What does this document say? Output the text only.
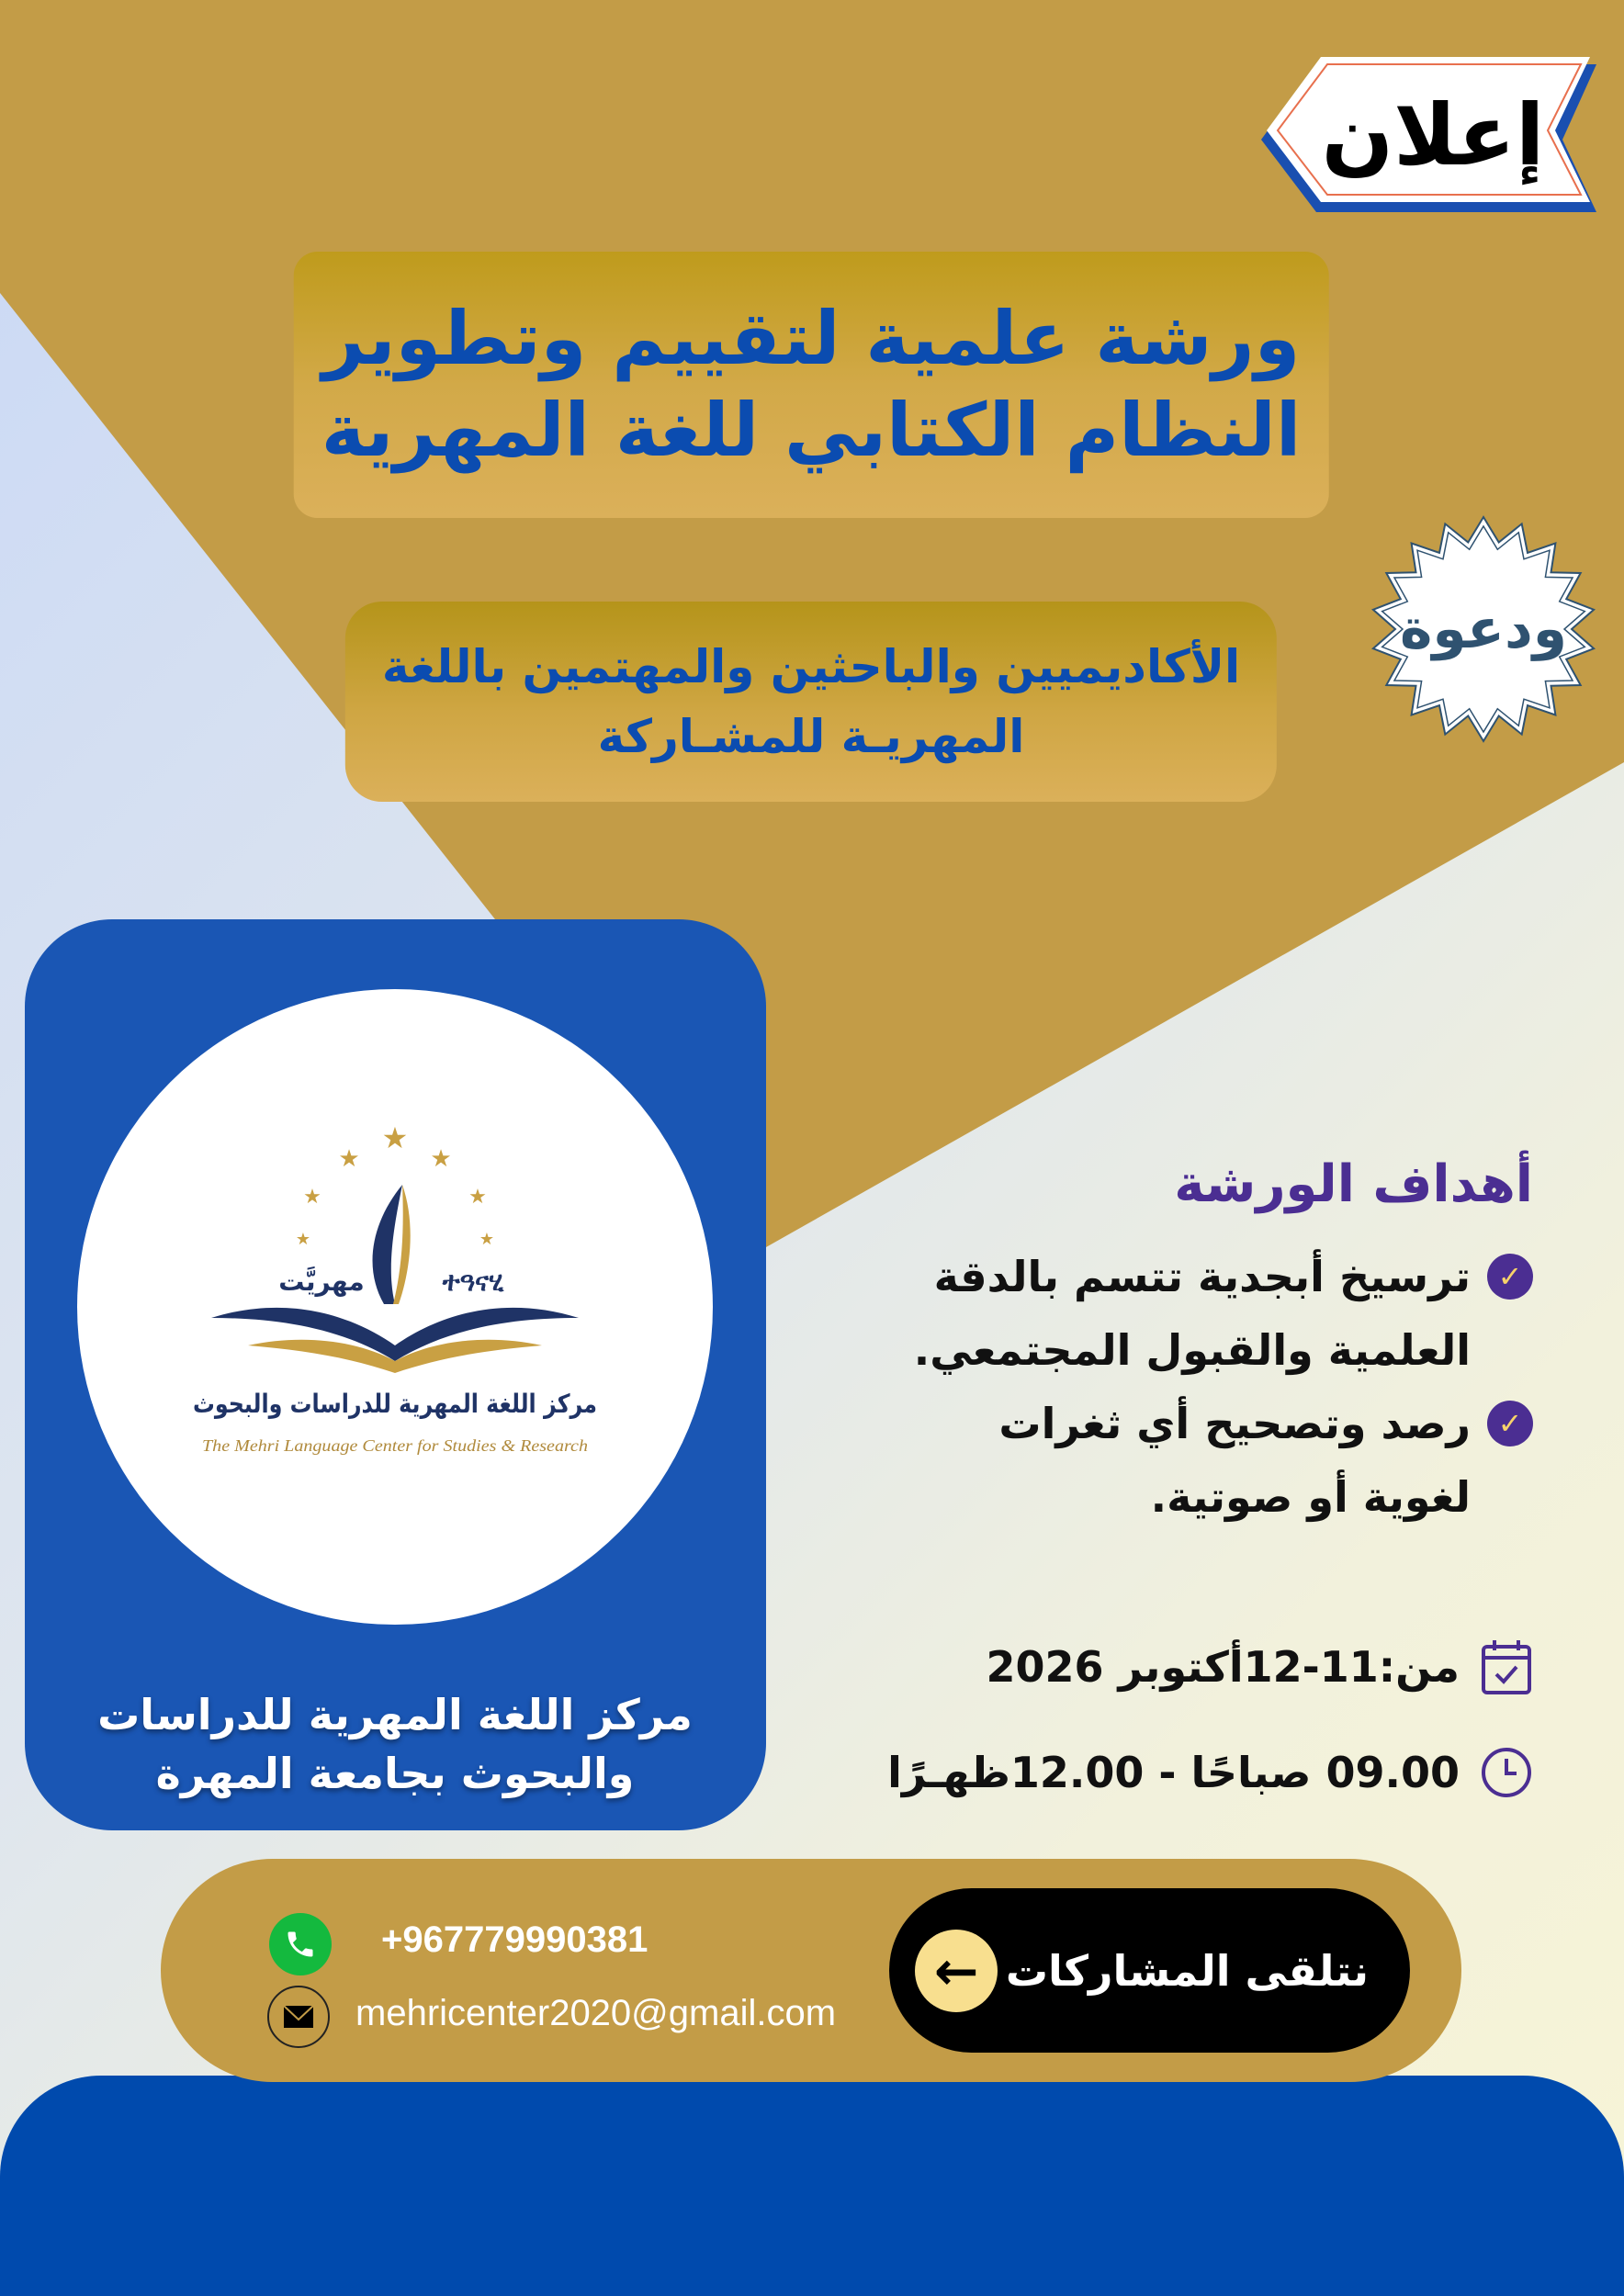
إعلان
ورشة علمية لتقييم وتطوير
النظام الكتابي للغة المهرية
ودعوة
الأكاديميين والباحثين والمهتمين باللغة
المهريـة للمشـاركة
★
★	★
★	★
★	★
مهريَّت	ተዓናሂ
مركز اللغة المهرية للدراسات والبحوث
The Mehri Language Center for Studies & Research
مركز اللغة المهرية للدراسات
والبحوث بجامعة المهرة
أهداف الورشة
✓
ترسيخ أبجدية تتسم بالدقة
العلمية والقبول المجتمعي.
✓
رصد وتصحيح أي ثغرات
لغوية أو صوتية.
من:11-12أكتوبر 2026
09.00 صباحًا - 12.00ظهـرًا
+967779990381
mehricenter2020@gmail.com
← نتلقى المشاركات
